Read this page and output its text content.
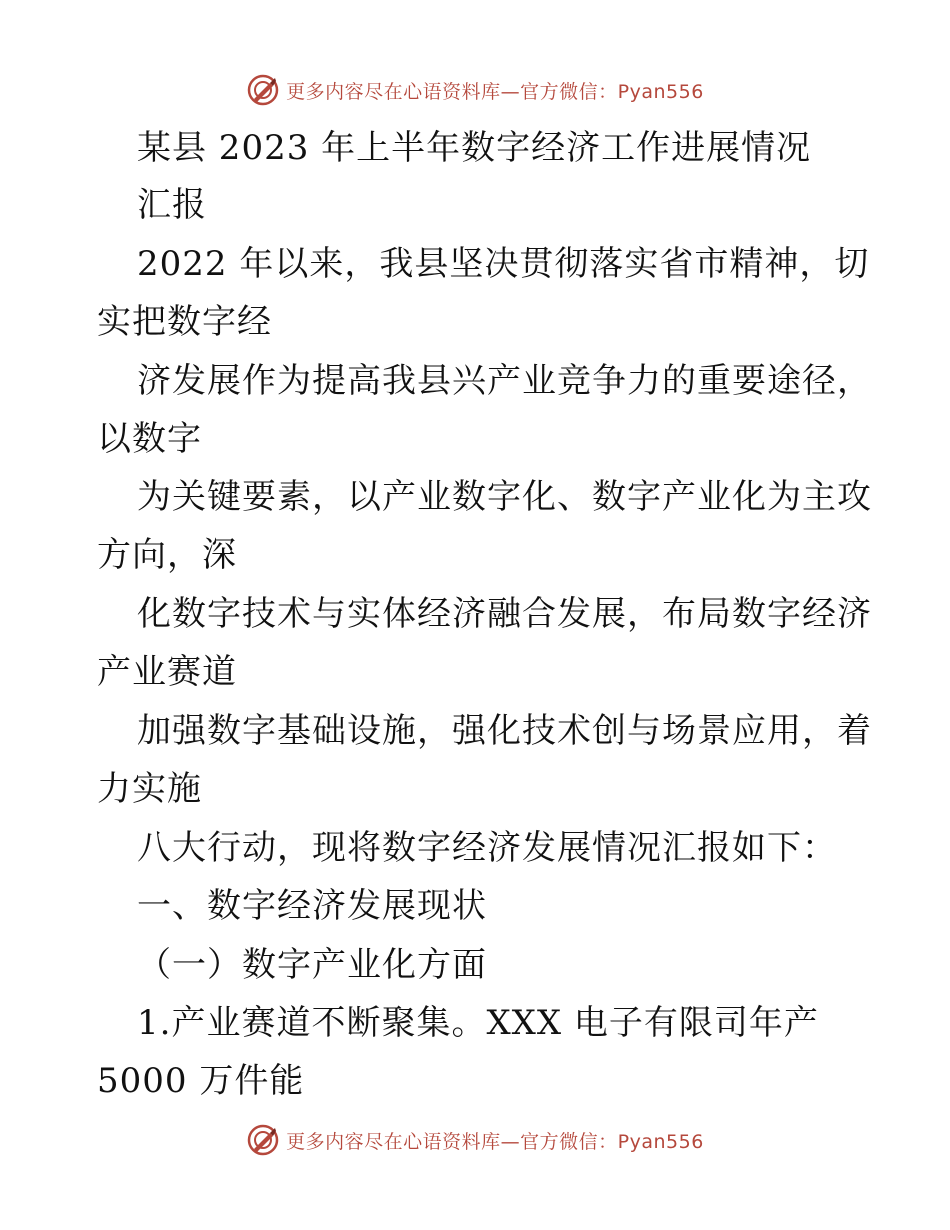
更多内容尽在心语资料库—官方微信：Pyan556
某县 2023 年上半年数字经济工作进展情况
汇报
2022 年以来，我县坚决贯彻落实省市精神，切
实把数字经
济发展作为提高我县兴产业竞争力的重要途径，
以数字
为关键要素，以产业数字化、数字产业化为主攻
方向，深
化数字技术与实体经济融合发展，布局数字经济
产业赛道
加强数字基础设施，强化技术创与场景应用，着
力实施
八大行动，现将数字经济发展情况汇报如下：
一、数字经济发展现状
（一）数字产业化方面
1.产业赛道不断聚集。XXX 电子有限司年产
5000 万件能
更多内容尽在心语资料库—官方微信：Pyan556
